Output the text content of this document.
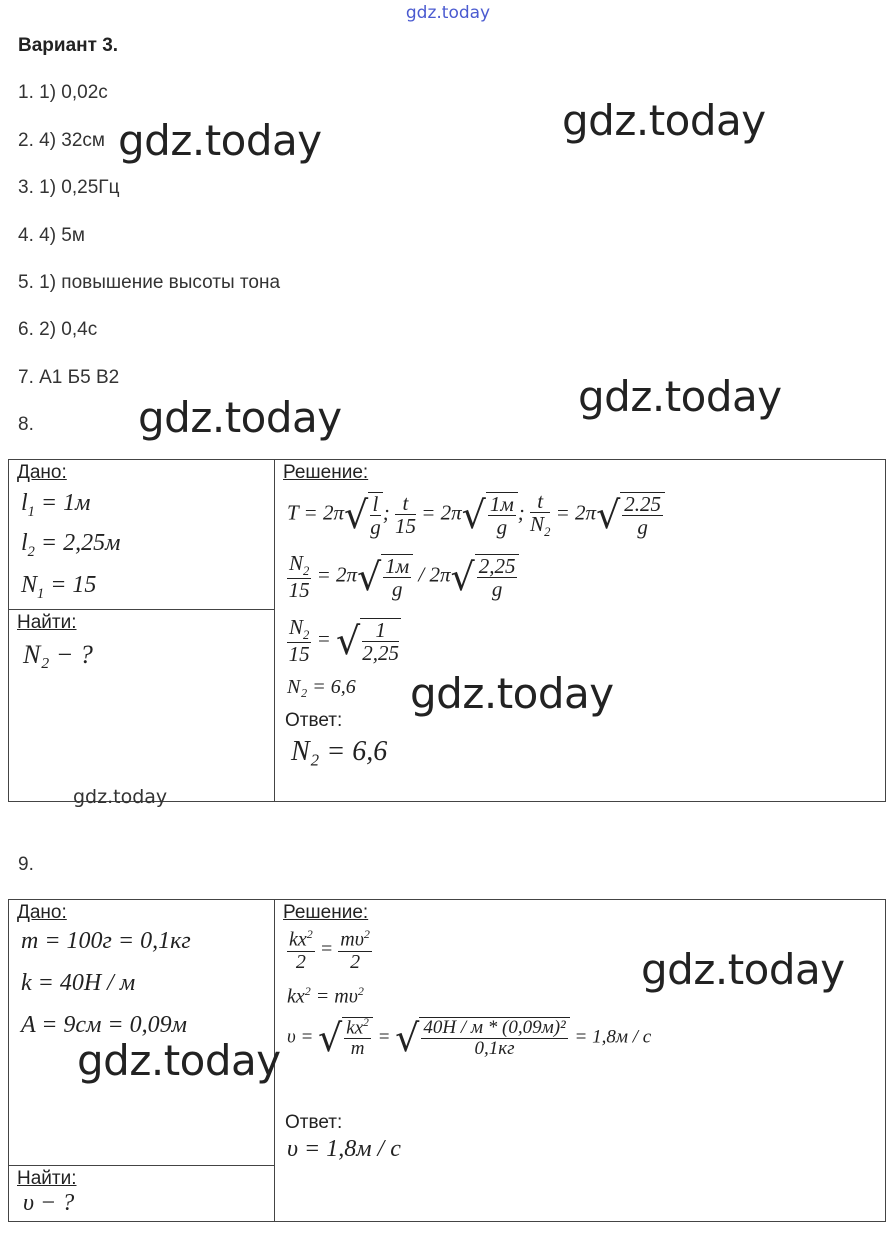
gdz.today
Вариант 3.
1. 1) 0,02с
2. 4) 32см
3. 1) 0,25Гц
4. 4) 5м
5. 1) повышение высоты тона
6. 2) 0,4с
7. А1 Б5 В2
8.
gdz.today	gdz.today
gdz.today
gdz.today
Дано:
$l_1 = 1м$
$l_2 = 2,25м$
$N_1 = 15$

Решение:
$T = 2\pi√ \frac{l}{g}$ ; $\frac{t}{15} = 2\pi√ \frac{1м}{g}$ ; $\frac{t}{N_2} = 2\pi√ \frac{2.25}{g}$
$\frac{N_2}{15} = 2\pi√ \frac{1м}{g} / 2\pi√ \frac{2,25}{g}$
$\frac{N_2}{15}$ = √ $\frac{1}{2,25}$
N₂ = 6,6
Ответ:
N₂ = 6,6

Найти:
N₂ − ?
gdz.today
gdz.today
9.
Дано:
m = 100г = 0,1кг
k = 40Н / м
A = 9см = 0,09м

Решение:
$\frac{kx^2}{2} = \frac{m\upsilon^2}{2}$
$kx^2 = m\upsilon^2$
υ = √ $\frac{kx^2}{m}$ = √ $\frac{\text{40Н / м * (0,09м)²}}{0,1кг} = 1,8м / с$
Ответ:
υ = 1,8м / с

Найти:
υ − ?
gdz.today
gdz.today
